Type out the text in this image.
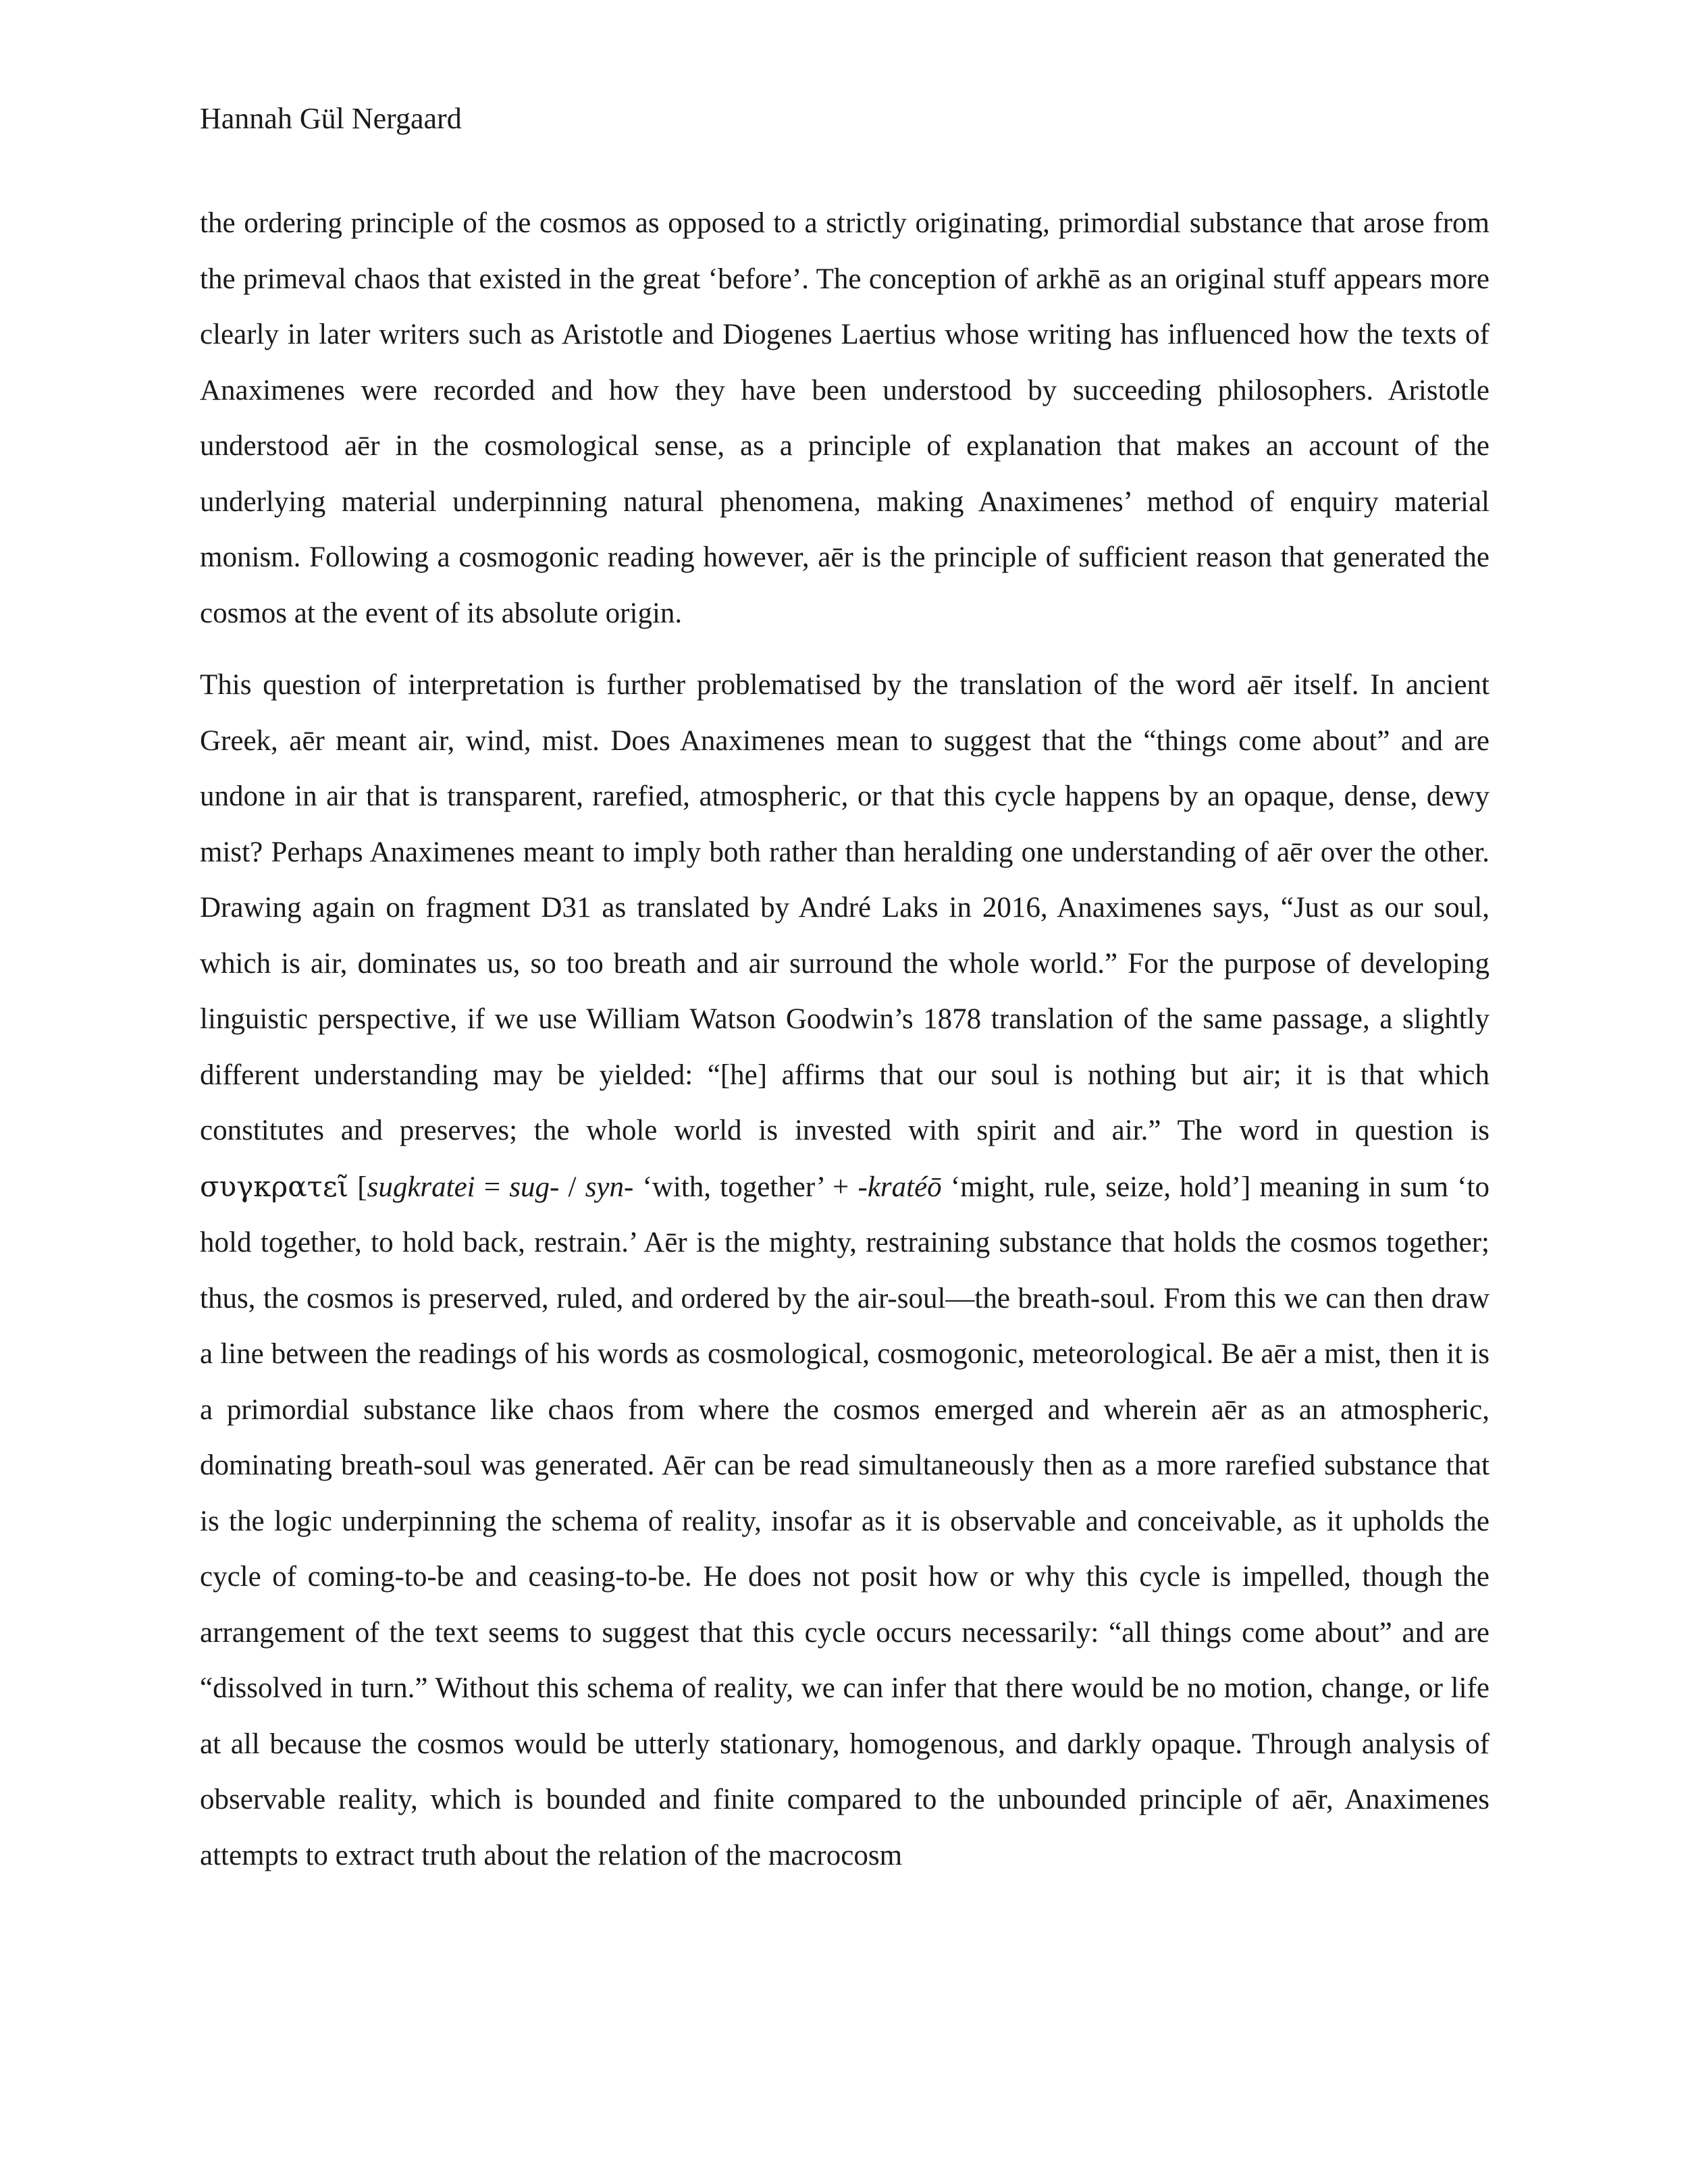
Hannah Gül Nergaard

the ordering principle of the cosmos as opposed to a strictly originating, primordial substance that arose from the primeval chaos that existed in the great ‘before’. The conception of arkhē as an original stuff appears more clearly in later writers such as Aristotle and Diogenes Laertius whose writing has influenced how the texts of Anaximenes were recorded and how they have been understood by succeeding philosophers. Aristotle understood aēr in the cosmological sense, as a principle of explanation that makes an account of the underlying material underpinning natural phenomena, making Anaximenes’ method of enquiry material monism. Following a cosmogonic reading however, aēr is the principle of sufficient reason that generated the cosmos at the event of its absolute origin.

This question of interpretation is further problematised by the translation of the word aēr itself. In ancient Greek, aēr meant air, wind, mist. Does Anaximenes mean to suggest that the “things come about” and are undone in air that is transparent, rarefied, atmospheric, or that this cycle happens by an opaque, dense, dewy mist? Perhaps Anaximenes meant to imply both rather than heralding one understanding of aēr over the other. Drawing again on fragment D31 as translated by André Laks in 2016, Anaximenes says, “Just as our soul, which is air, dominates us, so too breath and air surround the whole world.” For the purpose of developing linguistic perspective, if we use William Watson Goodwin’s 1878 translation of the same passage, a slightly different understanding may be yielded: “[he] affirms that our soul is nothing but air; it is that which constitutes and preserves; the whole world is invested with spirit and air.” The word in question is συγκρατεῖ [sugkratei = sug- / syn- ‘with, together’ + -kratéō ‘might, rule, seize, hold’] meaning in sum ‘to hold together, to hold back, restrain.’ Aēr is the mighty, restraining substance that holds the cosmos together; thus, the cosmos is preserved, ruled, and ordered by the air-soul—the breath-soul. From this we can then draw a line between the readings of his words as cosmological, cosmogonic, meteorological. Be aēr a mist, then it is a primordial substance like chaos from where the cosmos emerged and wherein aēr as an atmospheric, dominating breath-soul was generated. Aēr can be read simultaneously then as a more rarefied substance that is the logic underpinning the schema of reality, insofar as it is observable and conceivable, as it upholds the cycle of coming-to-be and ceasing-to-be. He does not posit how or why this cycle is impelled, though the arrangement of the text seems to suggest that this cycle occurs necessarily: “all things come about” and are “dissolved in turn.” Without this schema of reality, we can infer that there would be no motion, change, or life at all because the cosmos would be utterly stationary, homogenous, and darkly opaque. Through analysis of observable reality, which is bounded and finite compared to the unbounded principle of aēr, Anaximenes attempts to extract truth about the relation of the macrocosm
